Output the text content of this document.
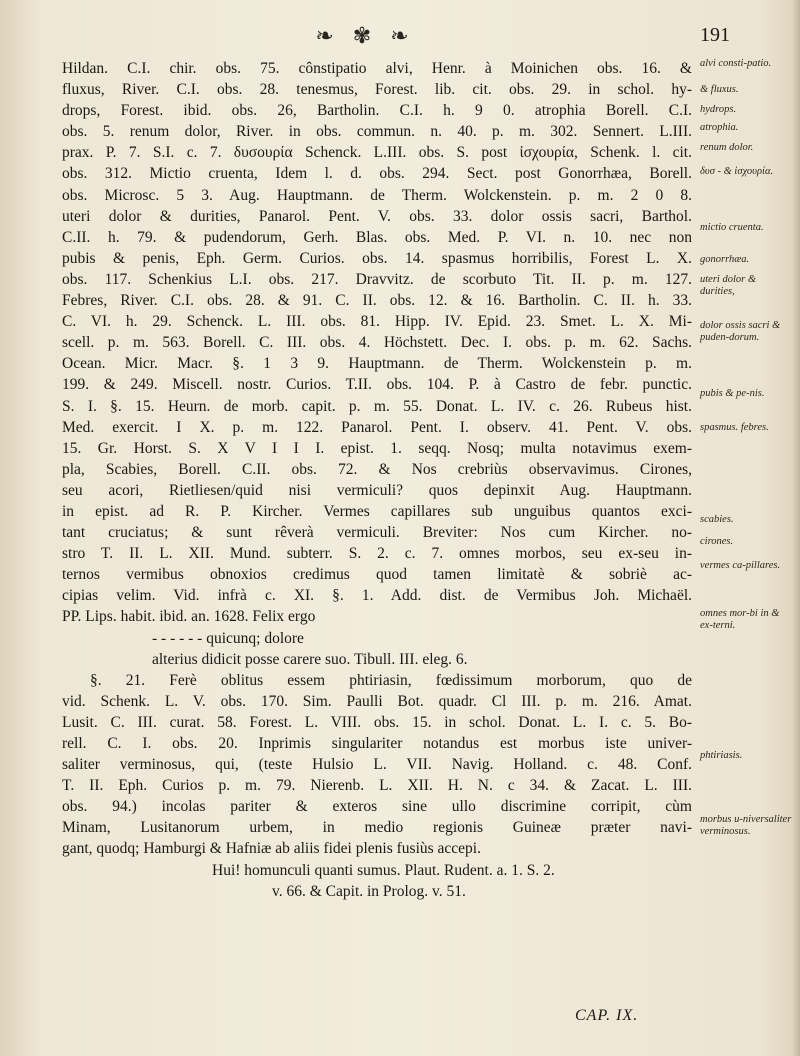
❧ ✾ ❧	191
Hildan. C.I. chir. obs. 75. cônstipatio alvi, Henr. à Moinichen obs. 16. &
fluxus, River. C.I. obs. 28. tenesmus, Forest. lib. cit. obs. 29. in schol. hy-
drops, Forest. ibid. obs. 26, Bartholin. C.I. h. 9 0. atrophia Borell. C.I.
obs. 5. renum dolor, River. in obs. commun. n. 40. p. m. 302. Sennert. L.III.
prax. P. 7. S.I. c. 7. δυσουρία Schenck. L.III. obs. S. post ἰσχουρία, Schenk. l. cit.
obs. 312. Mictio cruenta, Idem l. d. obs. 294. Sect. post Gonorrhæa, Borell.
obs. Microsc. 5 3. Aug. Hauptmann. de Therm. Wolckenstein. p. m. 2 0 8.
uteri dolor & durities, Panarol. Pent. V. obs. 33. dolor ossis sacri, Barthol.
C.II. h. 79. & pudendorum, Gerh. Blas. obs. Med. P. VI. n. 10. nec non
pubis & penis, Eph. Germ. Curios. obs. 14. spasmus horribilis, Forest L. X.
obs. 117. Schenkius L.I. obs. 217. Dravvitz. de scorbuto Tit. II. p. m. 127.
Febres, River. C.I. obs. 28. & 91. C. II. obs. 12. & 16. Bartholin. C. II. h. 33.
C. VI. h. 29. Schenck. L. III. obs. 81. Hipp. IV. Epid. 23. Smet. L. X. Mi-
scell. p. m. 563. Borell. C. III. obs. 4. Höchstett. Dec. I. obs. p. m. 62. Sachs.
Ocean. Micr. Macr. §. 1 3 9. Hauptmann. de Therm. Wolckenstein p. m.
199. & 249. Miscell. nostr. Curios. T.II. obs. 104. P. à Castro de febr. punctic.
S. I. §. 15. Heurn. de morb. capit. p. m. 55. Donat. L. IV. c. 26. Rubeus hist.
Med. exercit. I X. p. m. 122. Panarol. Pent. I. observ. 41. Pent. V. obs.
15. Gr. Horst. S. X V I I I. epist. 1. seqq. Nosq; multa notavimus exem-
pla, Scabies, Borell. C.II. obs. 72. & Nos crebriùs observavimus. Cirones,
seu acori, Rietliesen/quid nisi vermiculi? quos depinxit Aug. Hauptmann.
in epist. ad R. P. Kircher. Vermes capillares sub unguibus quantos exci-
tant cruciatus; & sunt rêverà vermiculi. Breviter: Nos cum Kircher. no-
stro T. II. L. XII. Mund. subterr. S. 2. c. 7. omnes morbos, seu ex-seu in-
ternos vermibus obnoxios credimus quod tamen limitatè & sobriè ac-
cipias velim. Vid. infrà c. XI. §. 1. Add. dist. de Vermibus Joh. Michaël.
PP. Lips. habit. ibid. an. 1628. Felix ergo
- - - - - - quicunq; dolore
alterius didicit posse carere suo. Tibull. III. eleg. 6.
§. 21. Ferè oblitus essem phtiriasin, fœdissimum morborum, quo de
vid. Schenk. L. V. obs. 170. Sim. Paulli Bot. quadr. Cl III. p. m. 216. Amat.
Lusit. C. III. curat. 58. Forest. L. VIII. obs. 15. in schol. Donat. L. I. c. 5. Bo-
rell. C. I. obs. 20. Inprimis singulariter notandus est morbus iste univer-
saliter verminosus, qui, (teste Hulsio L. VII. Navig. Holland. c. 48. Conf.
T. II. Eph. Curios p. m. 79. Nierenb. L. XII. H. N. c 34. & Zacat. L. III.
obs. 94.) incolas pariter & exteros sine ullo discrimine corripit, cùm
Minam, Lusitanorum urbem, in medio regionis Guineæ præter navi-
gant, quodq; Hamburgi & Hafniæ ab aliis fidei plenis fusiùs accepi.
Hui! homunculi quanti sumus. Plaut. Rudent. a. 1. S. 2.
v. 66. & Capit. in Prolog. v. 51.
alvi consti-patio.
& fluxus.
hydrops.
atrophia.
renum dolor.
δυσ - & ἰσχουρία.
mictio cruenta.
gonorrhæa.
uteri dolor & durities,
dolor ossis sacri & puden-dorum.
pubis & pe-nis.
spasmus. febres.
scabies.
cirones.
vermes ca-pillares.
omnes mor-bi in & ex-terni.
phtiriasis.
morbus u-niversaliter verminosus.
CAP. IX.
